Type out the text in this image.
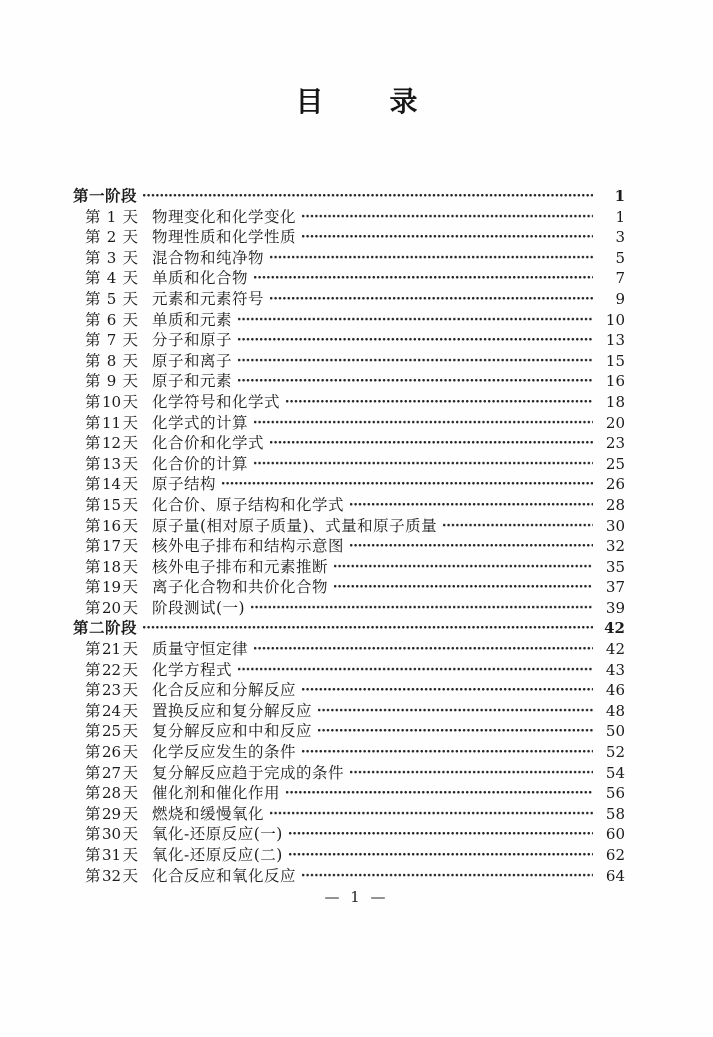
目 录
第一阶段	1
第 1 天 物理变化和化学变化	1
第 2 天 物理性质和化学性质	3
第 3 天 混合物和纯净物	5
第 4 天 单质和化合物	7
第 5 天 元素和元素符号	9
第 6 天 单质和元素	10
第 7 天 分子和原子	13
第 8 天 原子和离子	15
第 9 天 原子和元素	16
第 10 天 化学符号和化学式	18
第 11 天 化学式的计算	20
第 12 天 化合价和化学式	23
第 13 天 化合价的计算	25
第 14 天 原子结构	26
第 15 天 化合价、原子结构和化学式	28
第 16 天 原子量(相对原子质量)、式量和原子质量	30
第 17 天 核外电子排布和结构示意图	32
第 18 天 核外电子排布和元素推断	35
第 19 天 离子化合物和共价化合物	37
第 20 天 阶段测试(一)	39
第二阶段	42
第 21 天 质量守恒定律	42
第 22 天 化学方程式	43
第 23 天 化合反应和分解反应	46
第 24 天 置换反应和复分解反应	48
第 25 天 复分解反应和中和反应	50
第 26 天 化学反应发生的条件	52
第 27 天 复分解反应趋于完成的条件	54
第 28 天 催化剂和催化作用	56
第 29 天 燃烧和缓慢氧化	58
第 30 天 氧化-还原反应(一)	60
第 31 天 氧化-还原反应(二)	62
第 32 天 化合反应和氧化反应	64
— 1 —
